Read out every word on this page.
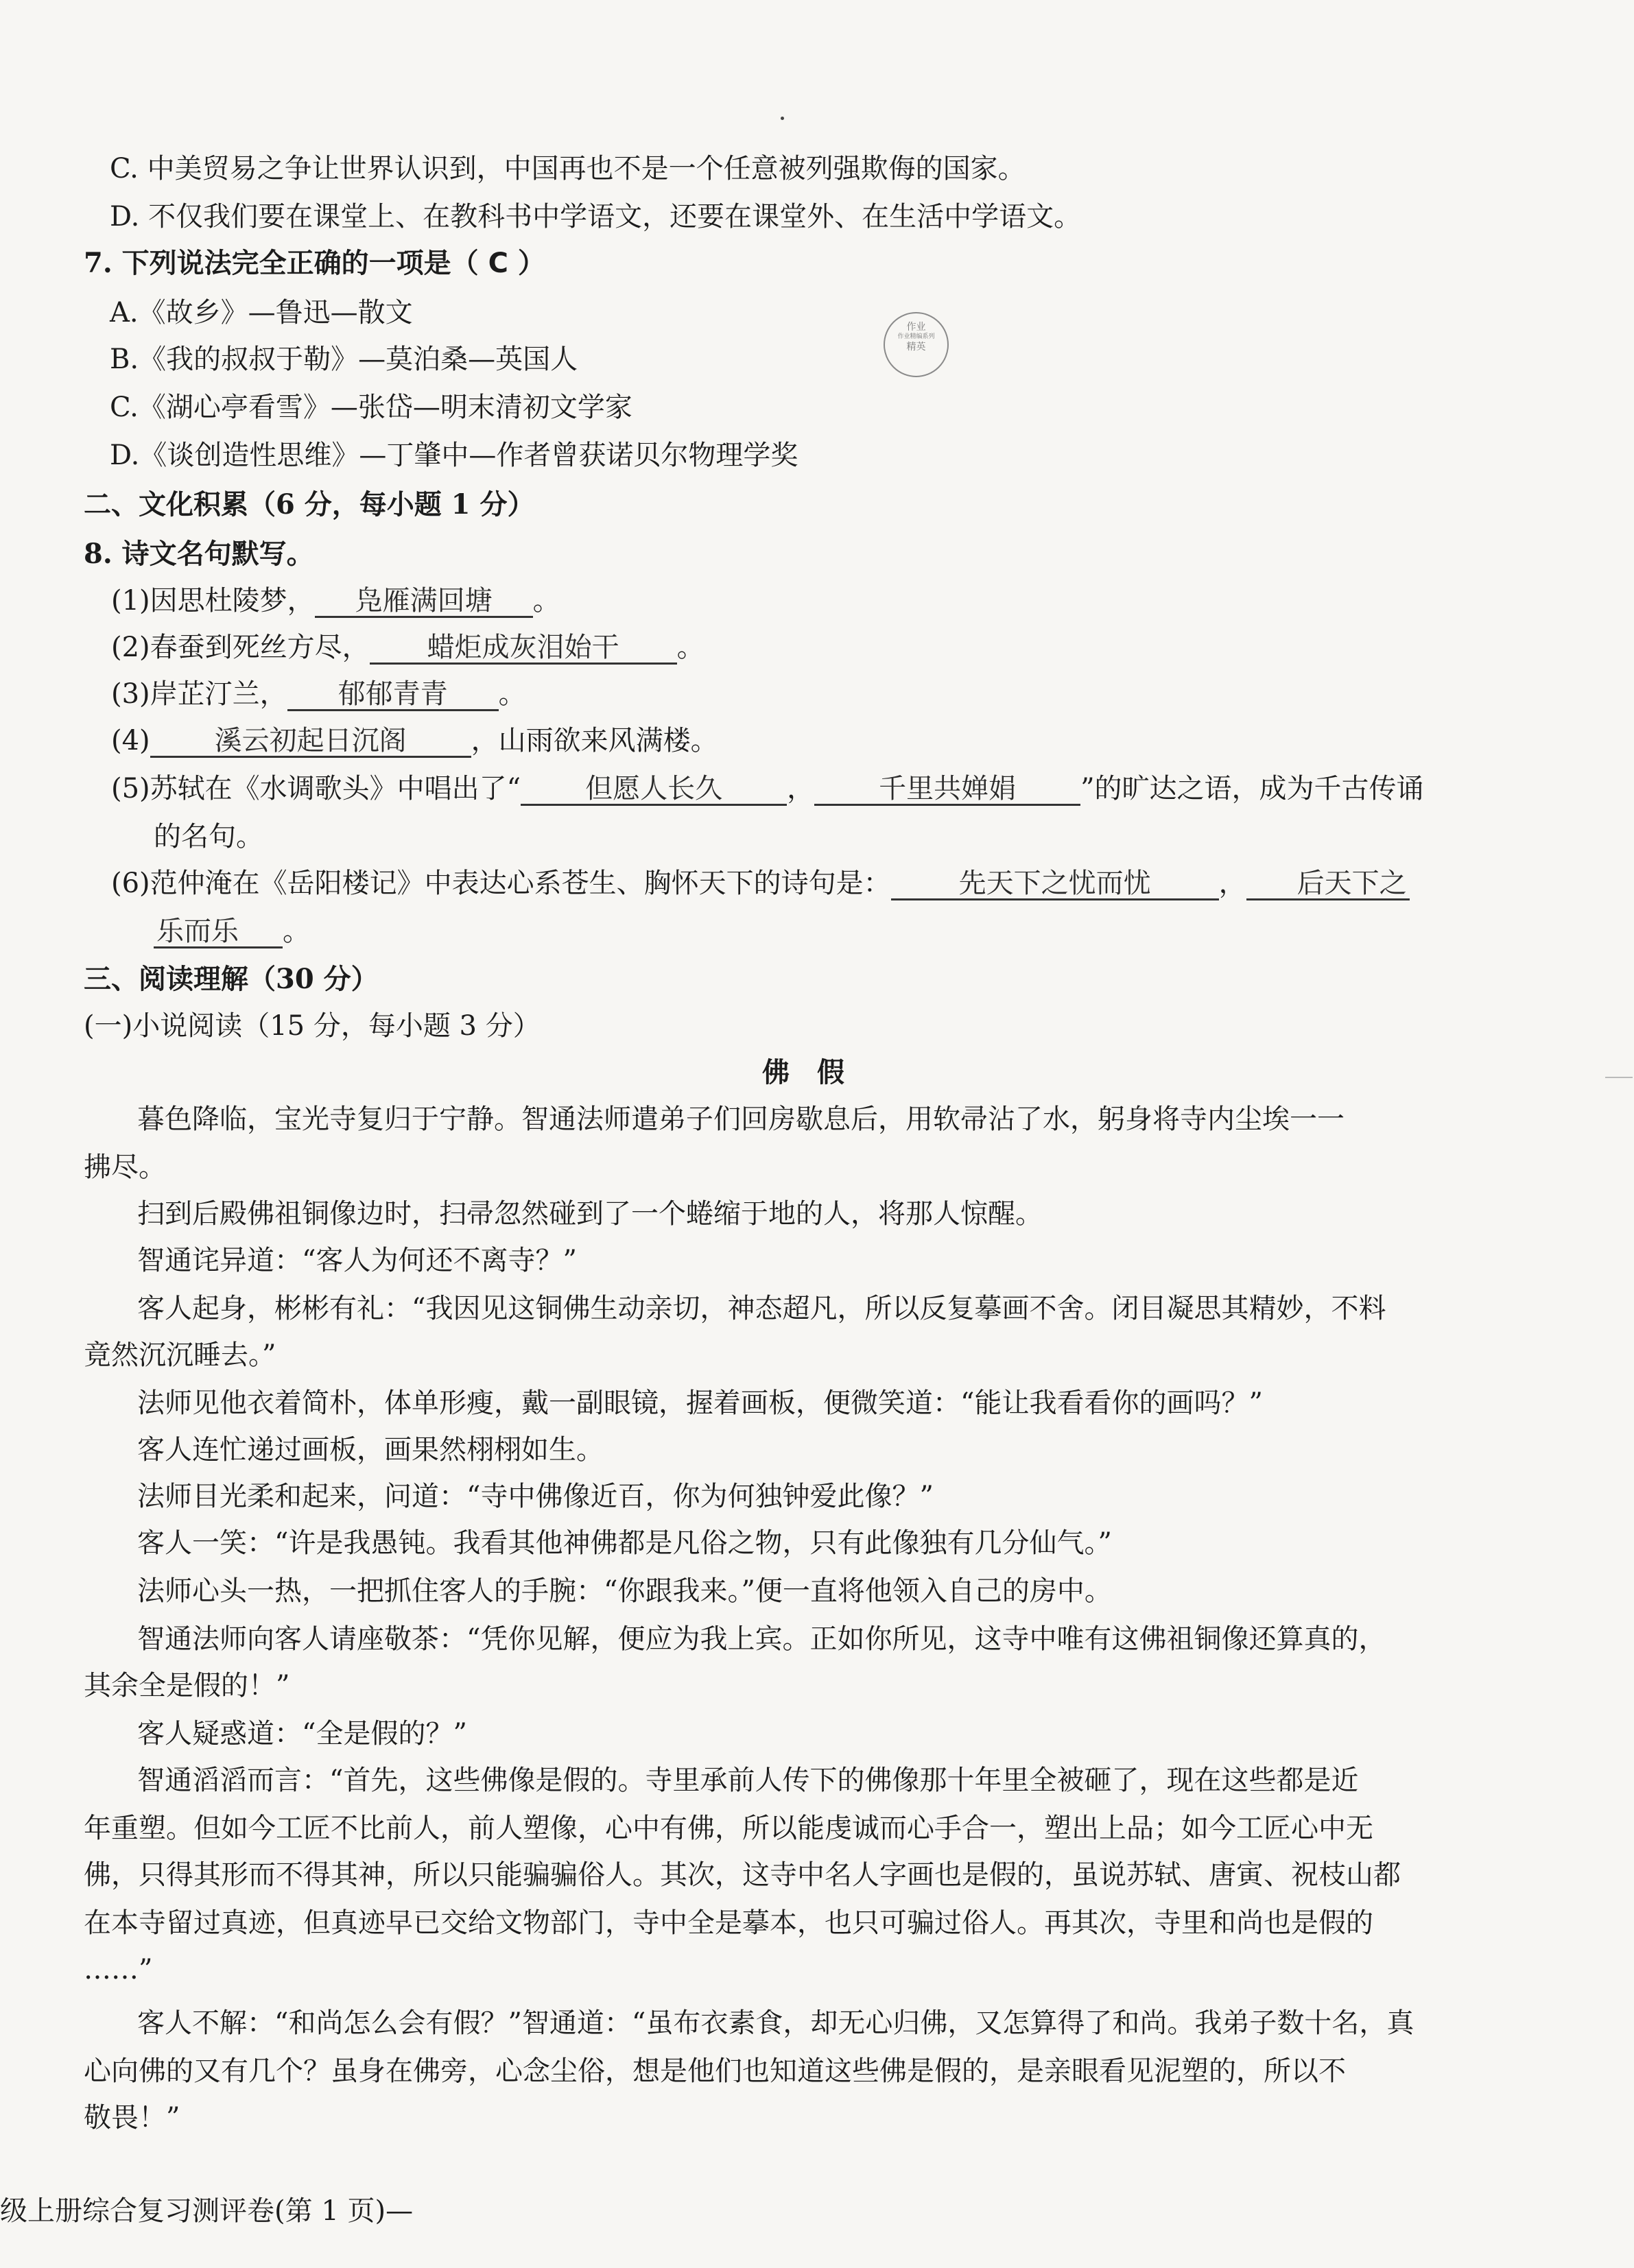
C. 中美贸易之争让世界认识到，中国再也不是一个任意被列强欺侮的国家。
D. 不仅我们要在课堂上、在教科书中学语文，还要在课堂外、在生活中学语文。
7. 下列说法完全正确的一项是（ C ）
A.《故乡》—鲁迅—散文
B.《我的叔叔于勒》—莫泊桑—英国人
C.《湖心亭看雪》—张岱—明末清初文学家
D.《谈创造性思维》—丁肇中—作者曾获诺贝尔物理学奖
作业
作业精编系列
精英
二、文化积累（6 分，每小题 1 分）
8. 诗文名句默写。
(1)因思杜陵梦， 凫雁满回塘 。
(2)春蚕到死丝方尽， 蜡炬成灰泪始干 。
(3)岸芷汀兰， 郁郁青青 。
(4) 溪云初起日沉阁 ，山雨欲来风满楼。
(5)苏轼在《水调歌头》中唱出了“ 但愿人长久 ， 千里共婵娟 ”的旷达之语，成为千古传诵
的名句。
(6)范仲淹在《岳阳楼记》中表达心系苍生、胸怀天下的诗句是： 先天下之忧而忧 ， 后天下之
乐而乐 。
三、阅读理解（30 分）
(一)小说阅读（15 分，每小题 3 分）
佛假
暮色降临，宝光寺复归于宁静。智通法师遣弟子们回房歇息后，用软帚沾了水，躬身将寺内尘埃一一
拂尽。
扫到后殿佛祖铜像边时，扫帚忽然碰到了一个蜷缩于地的人，将那人惊醒。
智通诧异道：“客人为何还不离寺？”
客人起身，彬彬有礼：“我因见这铜佛生动亲切，神态超凡，所以反复摹画不舍。闭目凝思其精妙，不料
竟然沉沉睡去。”
法师见他衣着简朴，体单形瘦，戴一副眼镜，握着画板，便微笑道：“能让我看看你的画吗？”
客人连忙递过画板，画果然栩栩如生。
法师目光柔和起来，问道：“寺中佛像近百，你为何独钟爱此像？”
客人一笑：“许是我愚钝。我看其他神佛都是凡俗之物，只有此像独有几分仙气。”
法师心头一热，一把抓住客人的手腕：“你跟我来。”便一直将他领入自己的房中。
智通法师向客人请座敬茶：“凭你见解，便应为我上宾。正如你所见，这寺中唯有这佛祖铜像还算真的，
其余全是假的！”
客人疑惑道：“全是假的？”
智通滔滔而言：“首先，这些佛像是假的。寺里承前人传下的佛像那十年里全被砸了，现在这些都是近
年重塑。但如今工匠不比前人，前人塑像，心中有佛，所以能虔诚而心手合一，塑出上品；如今工匠心中无
佛，只得其形而不得其神，所以只能骗骗俗人。其次，这寺中名人字画也是假的，虽说苏轼、唐寅、祝枝山都
在本寺留过真迹，但真迹早已交给文物部门，寺中全是摹本，也只可骗过俗人。再其次，寺里和尚也是假的
……”
客人不解：“和尚怎么会有假？”智通道：“虽布衣素食，却无心归佛，又怎算得了和尚。我弟子数十名，真
心向佛的又有几个？虽身在佛旁，心念尘俗，想是他们也知道这些佛是假的，是亲眼看见泥塑的，所以不
敬畏！”
级上册综合复习测评卷(第 1 页)—
